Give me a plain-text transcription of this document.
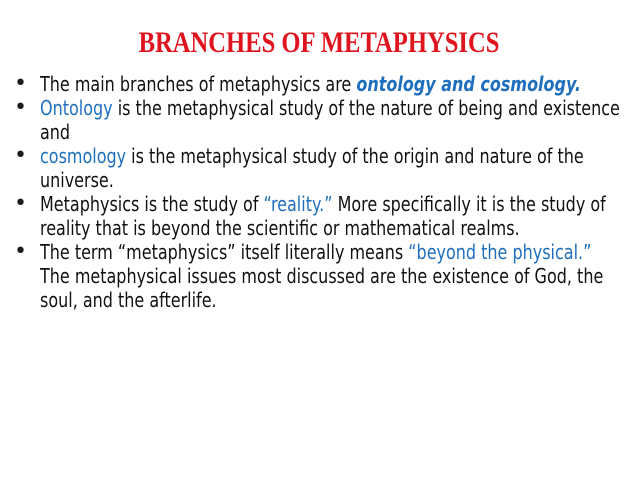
BRANCHES OF METAPHYSICS
• The main branches of metaphysics are ontology and cosmology.
• Ontology is the metaphysical study of the nature of being and existence and
• cosmology is the metaphysical study of the origin and nature of the universe.
• Metaphysics is the study of “reality.” More specifically it is the study of reality that is beyond the scientific or mathematical realms.
• The term “metaphysics” itself literally means “beyond the physical.” The metaphysical issues most discussed are the existence of God, the soul, and the afterlife.
